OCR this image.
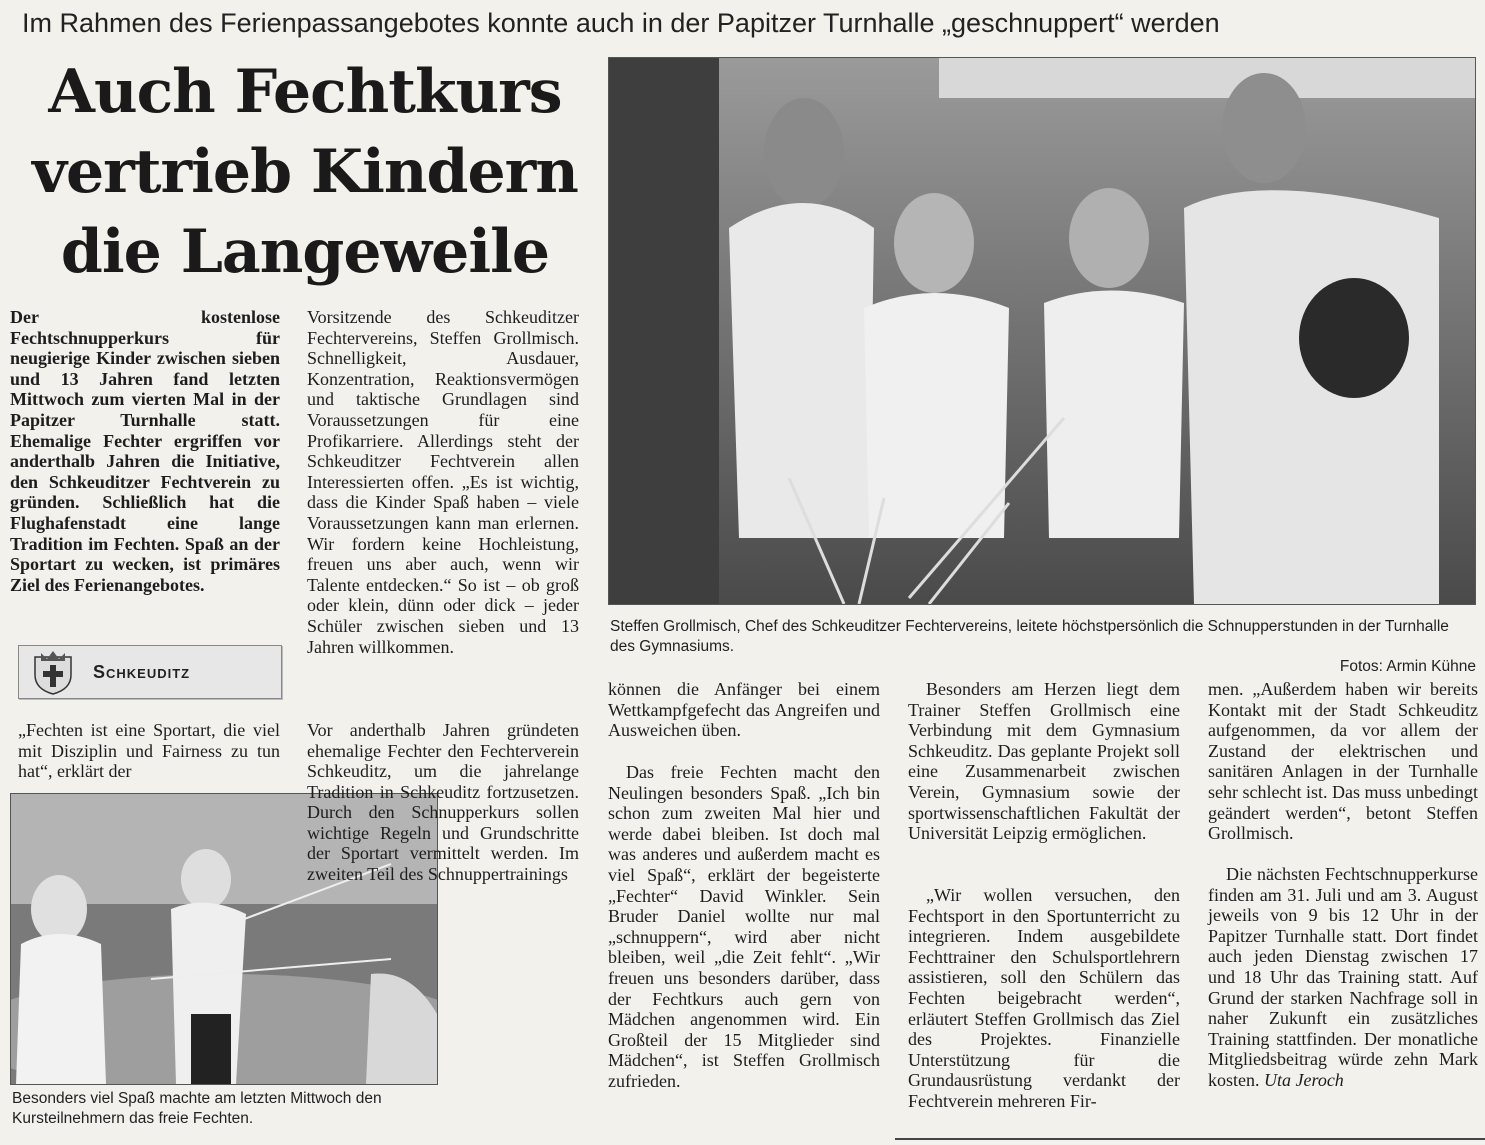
Im Rahmen des Ferienpassangebotes konnte auch in der Papitzer Turnhalle „geschnuppert“ werden
Auch Fechtkurs
vertrieb Kindern
die Langeweile
Steffen Grollmisch, Chef des Schkeuditzer Fechtervereins, leitete höchstpersönlich die Schnupperstunden in der Turnhalle des Gymnasiums.
Fotos: Armin Kühne
Der kostenlose Fechtschnupperkurs für neugierige Kinder zwischen sieben und 13 Jahren fand letzten Mittwoch zum vierten Mal in der Papitzer Turnhalle statt. Ehemalige Fechter ergriffen vor anderthalb Jahren die Initiative, den Schkeuditzer Fechtverein zu gründen. Schließlich hat die Flughafenstadt eine lange Tradition im Fechten. Spaß an der Sportart zu wecken, ist primäres Ziel des Ferienangebotes.
Schkeuditz
„Fechten ist eine Sportart, die viel mit Disziplin und Fairness zu tun hat“, erklärt der
Besonders viel Spaß machte am letzten Mittwoch den Kursteilnehmern das freie Fechten.
Vorsitzende des Schkeuditzer Fechtervereins, Steffen Grollmisch. Schnelligkeit, Ausdauer, Konzentration, Reaktionsvermögen und taktische Grundlagen sind Voraussetzungen für eine Profikarriere. Allerdings steht der Schkeuditzer Fechtverein allen Interessierten offen. „Es ist wichtig, dass die Kinder Spaß haben – viele Voraussetzungen kann man erlernen. Wir fordern keine Hochleistung, freuen uns aber auch, wenn wir Talente entdecken.“ So ist – ob groß oder klein, dünn oder dick – jeder Schüler zwischen sieben und 13 Jahren willkommen.
Vor anderthalb Jahren gründeten ehemalige Fechter den Fechterverein Schkeuditz, um die jahrelange Tradition in Schkeuditz fortzusetzen. Durch den Schnupperkurs sollen wichtige Regeln und Grundschritte der Sportart vermittelt werden. Im zweiten Teil des Schnuppertrainings
können die Anfänger bei einem Wettkampfgefecht das Angreifen und Ausweichen üben.
Das freie Fechten macht den Neulingen besonders Spaß. „Ich bin schon zum zweiten Mal hier und werde dabei bleiben. Ist doch mal was anderes und außerdem macht es viel Spaß“, erklärt der begeisterte „Fechter“ David Winkler. Sein Bruder Daniel wollte nur mal „schnuppern“, wird aber nicht bleiben, weil „die Zeit fehlt“. „Wir freuen uns besonders darüber, dass der Fechtkurs auch gern von Mädchen angenommen wird. Ein Großteil der 15 Mitglieder sind Mädchen“, ist Steffen Grollmisch zufrieden.
Besonders am Herzen liegt dem Trainer Steffen Grollmisch eine Verbindung mit dem Gymnasium Schkeuditz. Das geplante Projekt soll eine Zusammenarbeit zwischen Verein, Gymnasium sowie der sportwissenschaftlichen Fakultät der Universität Leipzig ermöglichen.
„Wir wollen versuchen, den Fechtsport in den Sportunterricht zu integrieren. Indem ausgebildete Fechttrainer den Schulsportlehrern assistieren, soll den Schülern das Fechten beigebracht werden“, erläutert Steffen Grollmisch das Ziel des Projektes. Finanzielle Unterstützung für die Grundausrüstung verdankt der Fechtverein mehreren Fir-
men. „Außerdem haben wir bereits Kontakt mit der Stadt Schkeuditz aufgenommen, da vor allem der Zustand der elektrischen und sanitären Anlagen in der Turnhalle sehr schlecht ist. Das muss unbedingt geändert werden“, betont Steffen Grollmisch.
Die nächsten Fechtschnupperkurse finden am 31. Juli und am 3. August jeweils von 9 bis 12 Uhr in der Papitzer Turnhalle statt. Dort findet auch jeden Dienstag zwischen 17 und 18 Uhr das Training statt. Auf Grund der starken Nachfrage soll in naher Zukunft ein zusätzliches Training stattfinden. Der monatliche Mitgliedsbeitrag würde zehn Mark kosten. Uta Jeroch
